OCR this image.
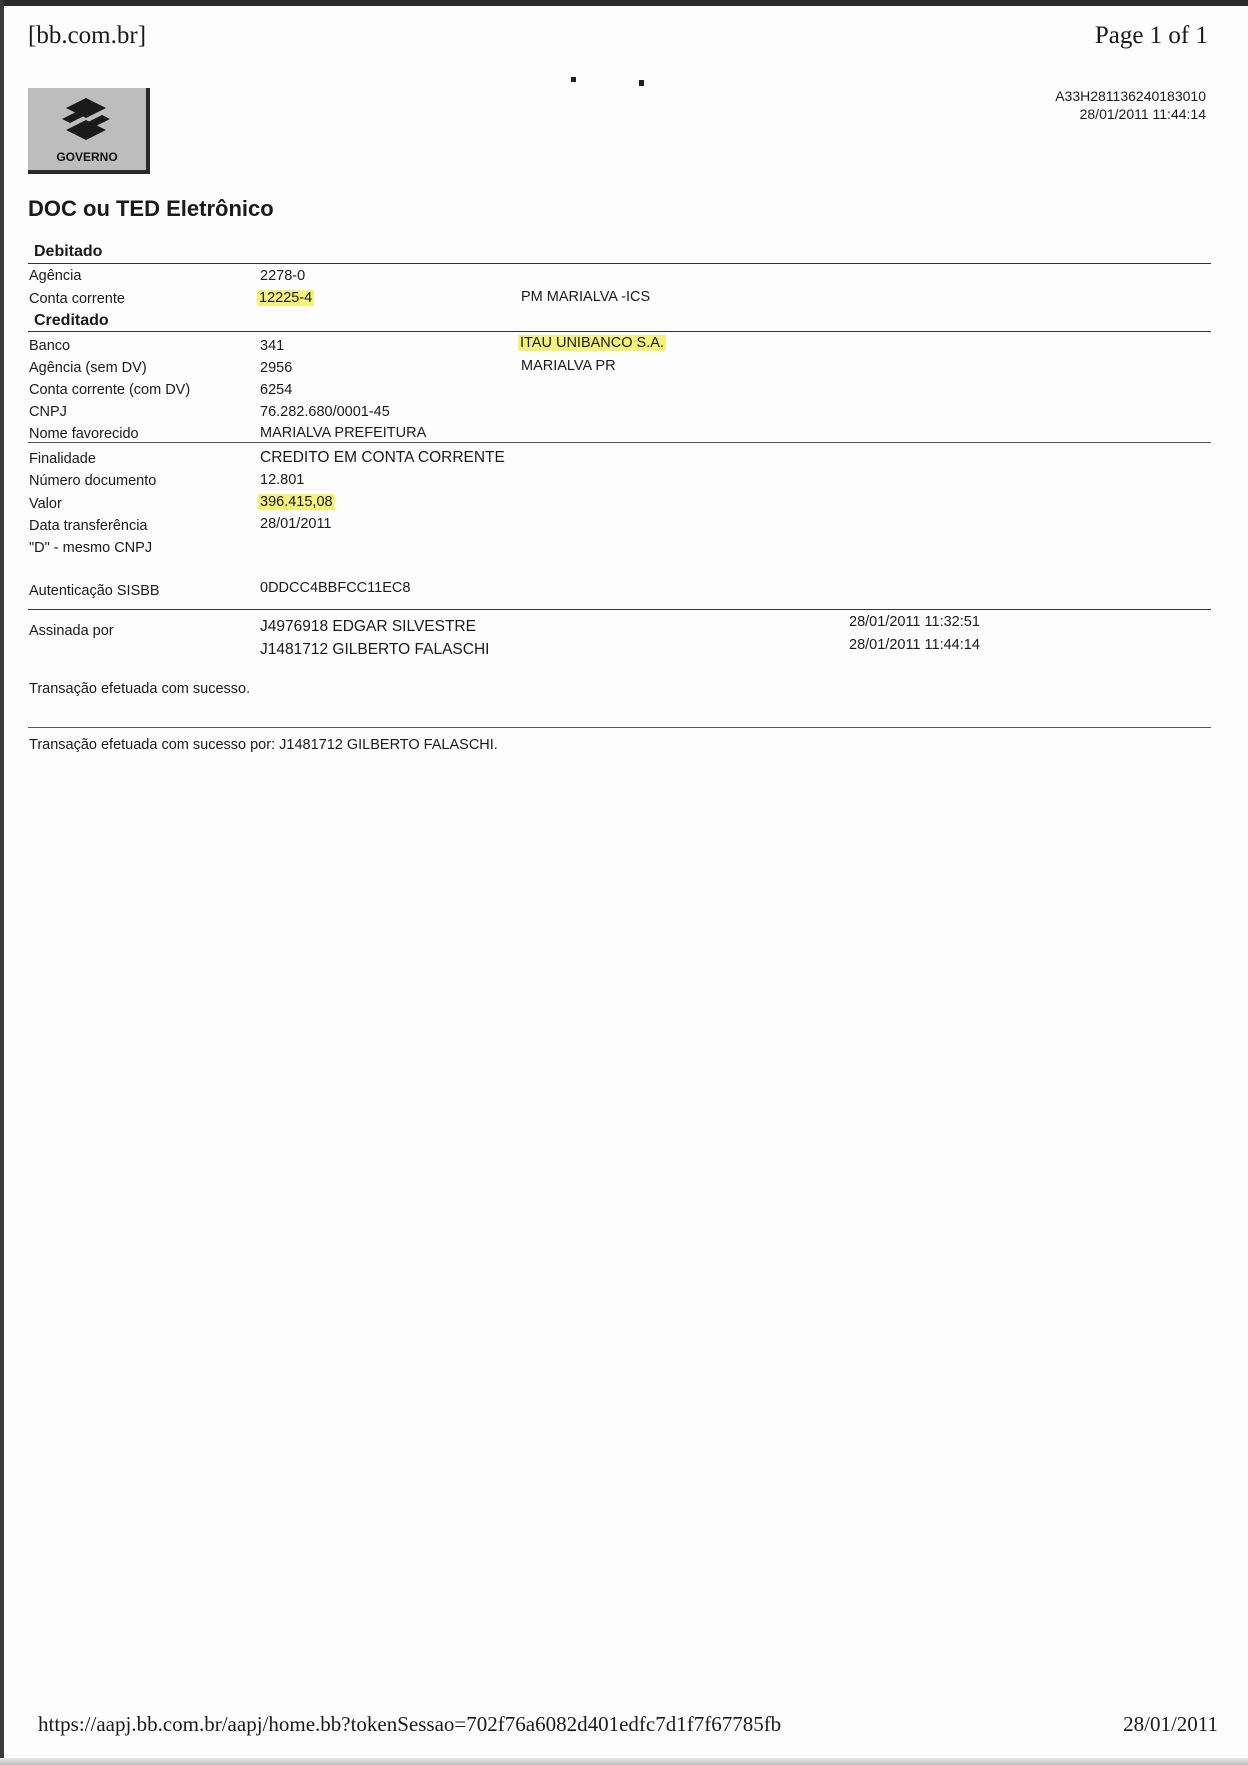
[bb.com.br]	Page 1 of 1
GOVERNO
A33H281136240183010
28/01/2011 11:44:14
DOC ou TED Eletrônico
Debitado
Agência	2278-0
Conta corrente	12225-4	PM MARIALVA -ICS
Creditado
Banco	341	ITAU UNIBANCO S.A.
Agência (sem DV)	2956	MARIALVA PR
Conta corrente (com DV)	6254
CNPJ	76.282.680/0001-45
Nome favorecido	MARIALVA PREFEITURA
Finalidade	CREDITO EM CONTA CORRENTE
Número documento	12.801
Valor	396.415,08
Data transferência	28/01/2011
"D" - mesmo CNPJ
Autenticação SISBB	0DDCC4BBFCC11EC8
Assinada por	J4976918 EDGAR SILVESTRE	28/01/2011 11:32:51
J1481712 GILBERTO FALASCHI	28/01/2011 11:44:14
Transação efetuada com sucesso.
Transação efetuada com sucesso por: J1481712 GILBERTO FALASCHI.
https://aapj.bb.com.br/aapj/home.bb?tokenSessao=702f76a6082d401edfc7d1f7f67785fb	28/01/2011
